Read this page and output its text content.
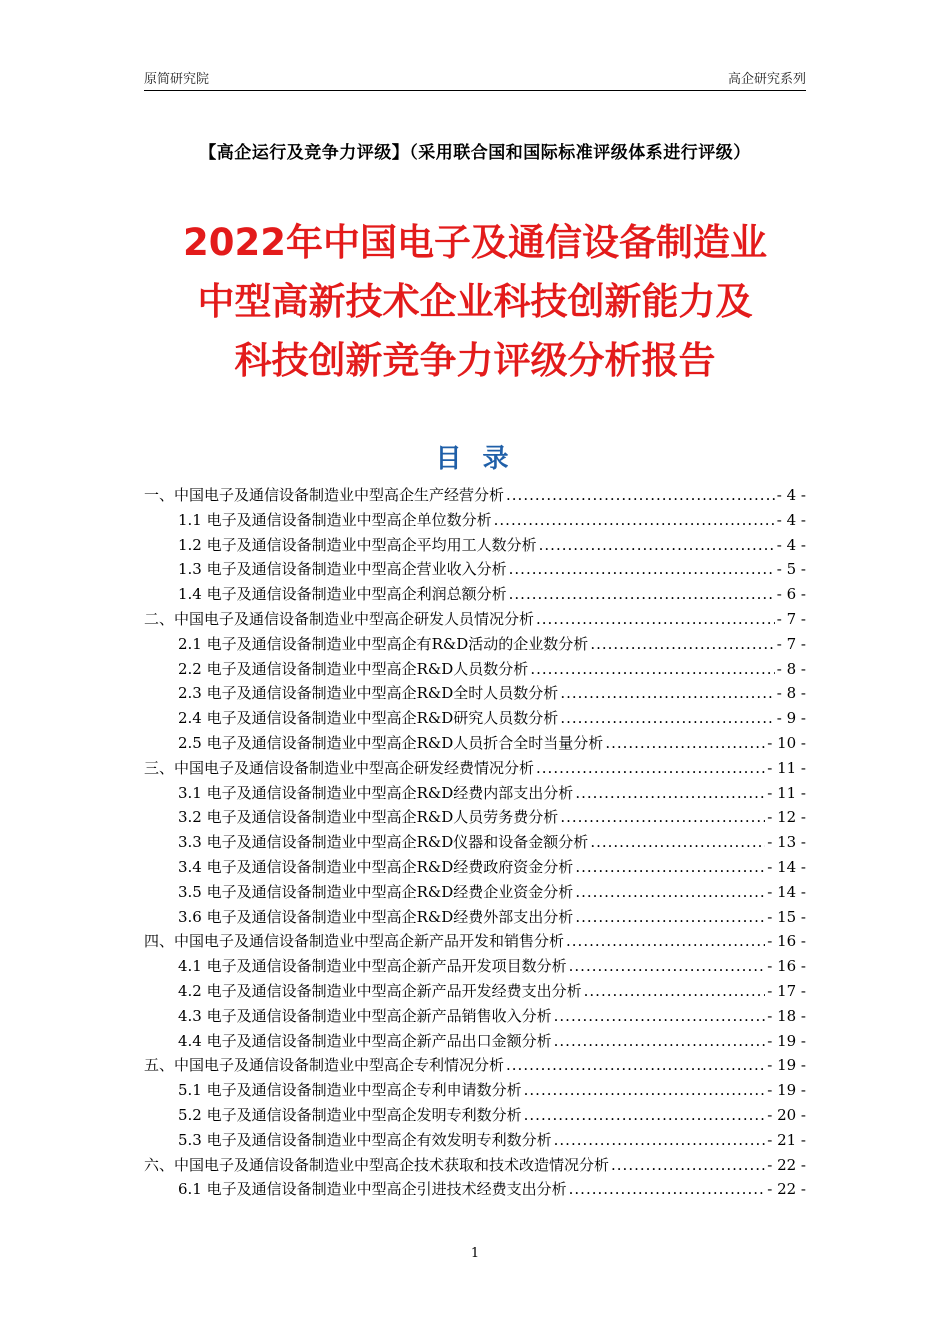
原简研究院	高企研究系列
【高企运行及竞争力评级】（采用联合国和国际标准评级体系进行评级）
2022年中国电子及通信设备制造业
中型高新技术企业科技创新能力及
科技创新竞争力评级分析报告
目 录
一、中国电子及通信设备制造业中型高企生产经营分析 .....	- 4 -
1.1 电子及通信设备制造业中型高企单位数分析 .....	- 4 -
1.2 电子及通信设备制造业中型高企平均用工人数分析 .....	- 4 -
1.3 电子及通信设备制造业中型高企营业收入分析 .....	- 5 -
1.4 电子及通信设备制造业中型高企利润总额分析 .....	- 6 -
二、中国电子及通信设备制造业中型高企研发人员情况分析 .....	- 7 -
2.1 电子及通信设备制造业中型高企有R&D活动的企业数分析 .....	- 7 -
2.2 电子及通信设备制造业中型高企R&D人员数分析 .....	- 8 -
2.3 电子及通信设备制造业中型高企R&D全时人员数分析 .....	- 8 -
2.4 电子及通信设备制造业中型高企R&D研究人员数分析 .....	- 9 -
2.5 电子及通信设备制造业中型高企R&D人员折合全时当量分析 .....	- 10 -
三、中国电子及通信设备制造业中型高企研发经费情况分析 .....	- 11 -
3.1 电子及通信设备制造业中型高企R&D经费内部支出分析 .....	- 11 -
3.2 电子及通信设备制造业中型高企R&D人员劳务费分析 .....	- 12 -
3.3 电子及通信设备制造业中型高企R&D仪器和设备金额分析 .....	- 13 -
3.4 电子及通信设备制造业中型高企R&D经费政府资金分析 .....	- 14 -
3.5 电子及通信设备制造业中型高企R&D经费企业资金分析 .....	- 14 -
3.6 电子及通信设备制造业中型高企R&D经费外部支出分析 .....	- 15 -
四、中国电子及通信设备制造业中型高企新产品开发和销售分析 .....	- 16 -
4.1 电子及通信设备制造业中型高企新产品开发项目数分析 .....	- 16 -
4.2 电子及通信设备制造业中型高企新产品开发经费支出分析 .....	- 17 -
4.3 电子及通信设备制造业中型高企新产品销售收入分析 .....	- 18 -
4.4 电子及通信设备制造业中型高企新产品出口金额分析 .....	- 19 -
五、中国电子及通信设备制造业中型高企专利情况分析 .....	- 19 -
5.1 电子及通信设备制造业中型高企专利申请数分析 .....	- 19 -
5.2 电子及通信设备制造业中型高企发明专利数分析 .....	- 20 -
5.3 电子及通信设备制造业中型高企有效发明专利数分析 .....	- 21 -
六、中国电子及通信设备制造业中型高企技术获取和技术改造情况分析 .....	- 22 -
6.1 电子及通信设备制造业中型高企引进技术经费支出分析 .....	- 22 -
1
